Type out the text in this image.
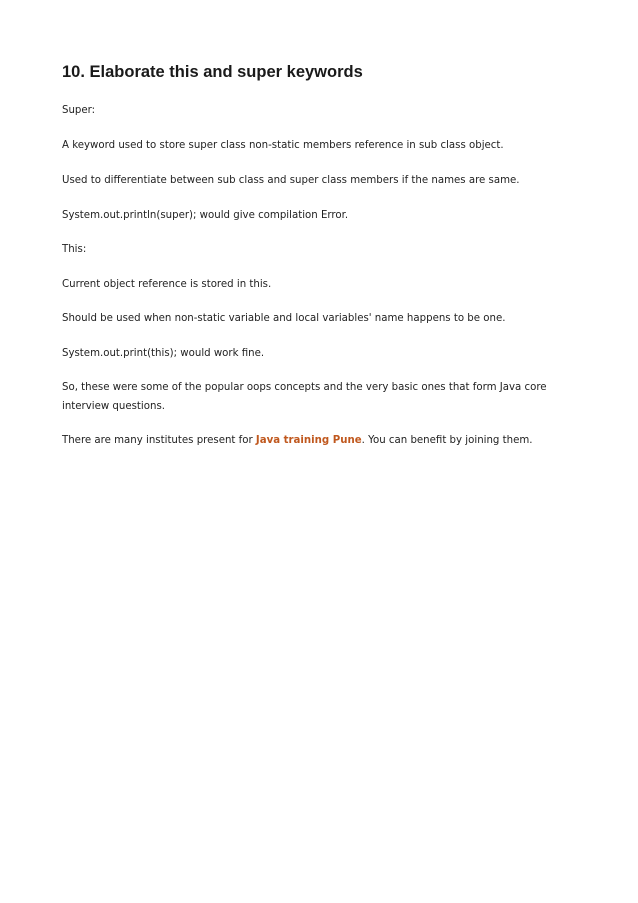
10. Elaborate this and super keywords

Super:

A keyword used to store super class non-static members reference in sub class object.

Used to differentiate between sub class and super class members if the names are same.

System.out.println(super); would give compilation Error.

This:

Current object reference is stored in this.

Should be used when non-static variable and local variables' name happens to be one.

System.out.print(this); would work fine.

So, these were some of the popular oops concepts and the very basic ones that form Java core interview questions.

There are many institutes present for Java training Pune. You can benefit by joining them.
